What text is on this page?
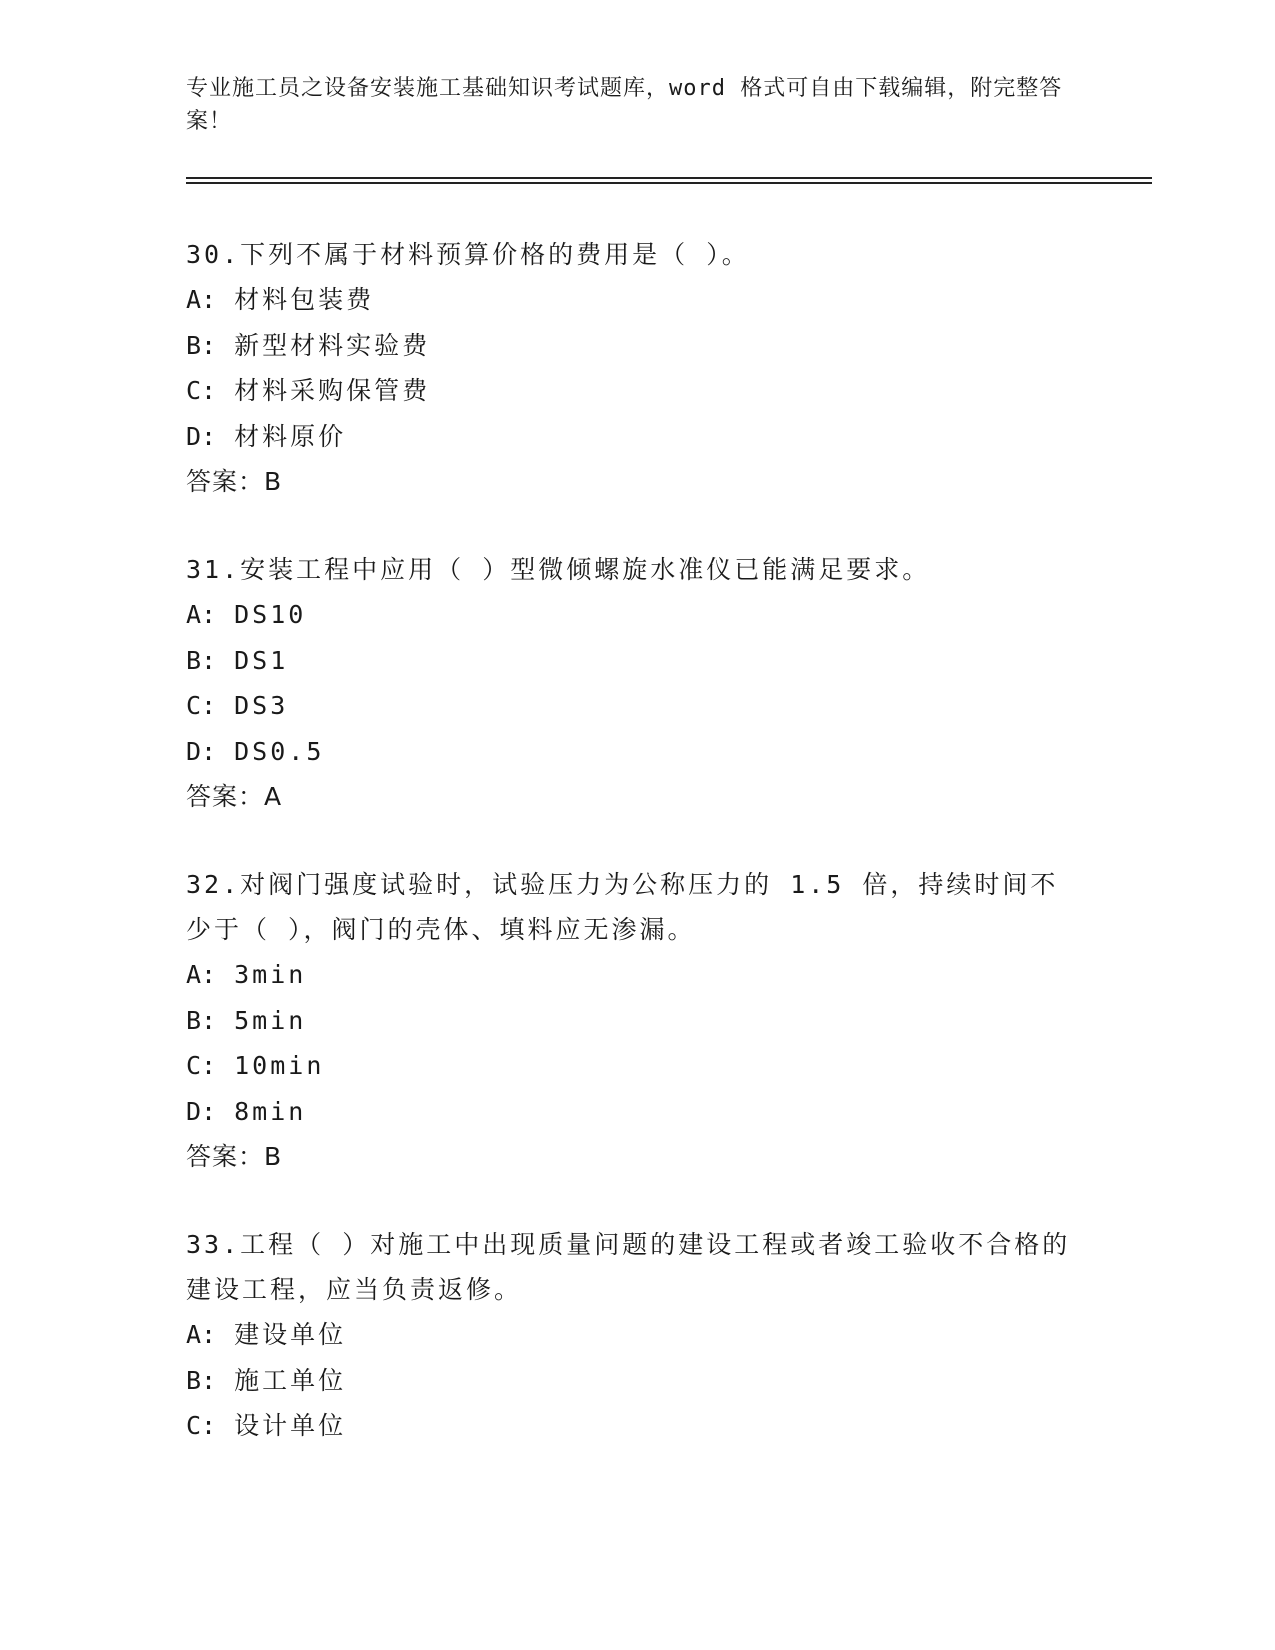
专业施工员之设备安装施工基础知识考试题库，word 格式可自由下载编辑，附完整答案！

30.下列不属于材料预算价格的费用是（ ）。

A: 材料包装费

B: 新型材料实验费

C: 材料采购保管费

D: 材料原价

答案：B

31.安装工程中应用（ ）型微倾螺旋水准仪已能满足要求。

A: DS10

B: DS1

C: DS3

D: DS0.5

答案：A

32.对阀门强度试验时，试验压力为公称压力的 1.5 倍，持续时间不少于（ ），阀门的壳体、填料应无渗漏。

A: 3min

B: 5min

C: 10min

D: 8min

答案：B

33.工程（ ）对施工中出现质量问题的建设工程或者竣工验收不合格的建设工程，应当负责返修。

A: 建设单位

B: 施工单位

C: 设计单位
